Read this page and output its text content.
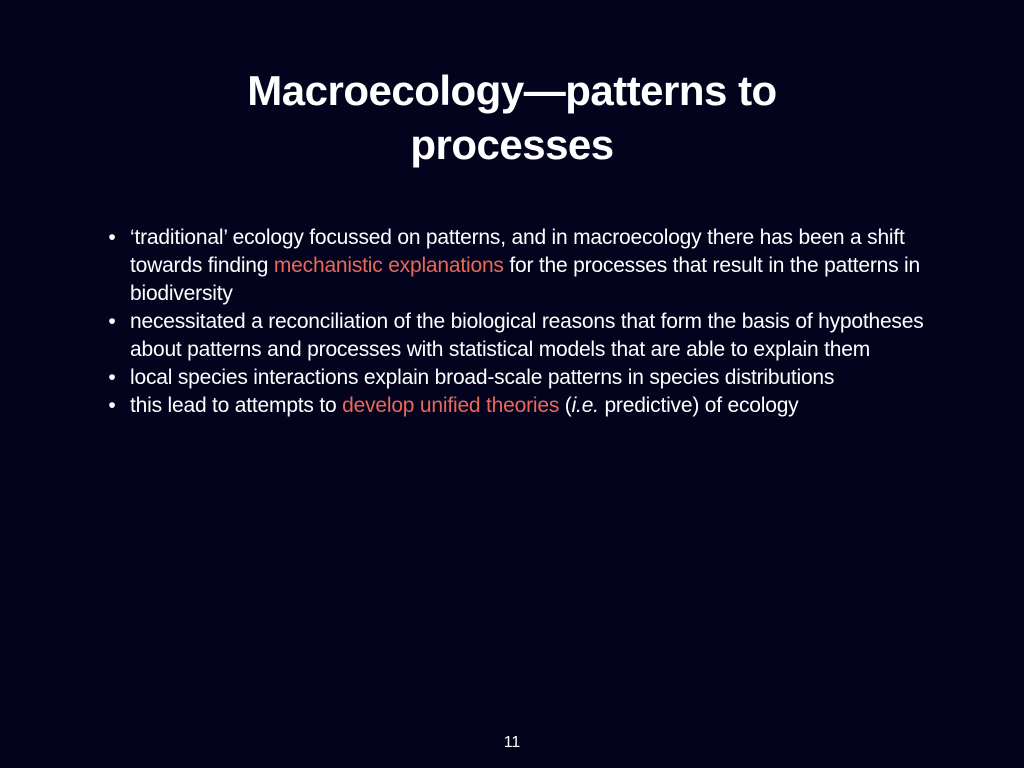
Macroecology—patterns to processes
• ‘traditional’ ecology focussed on patterns, and in macroecology there has been a shift towards finding mechanistic explanations for the processes that result in the patterns in biodiversity
• necessitated a reconciliation of the biological reasons that form the basis of hypotheses about patterns and processes with statistical models that are able to explain them
• local species interactions explain broad-scale patterns in species distributions
• this lead to attempts to develop unified theories (i.e. predictive) of ecology
11
